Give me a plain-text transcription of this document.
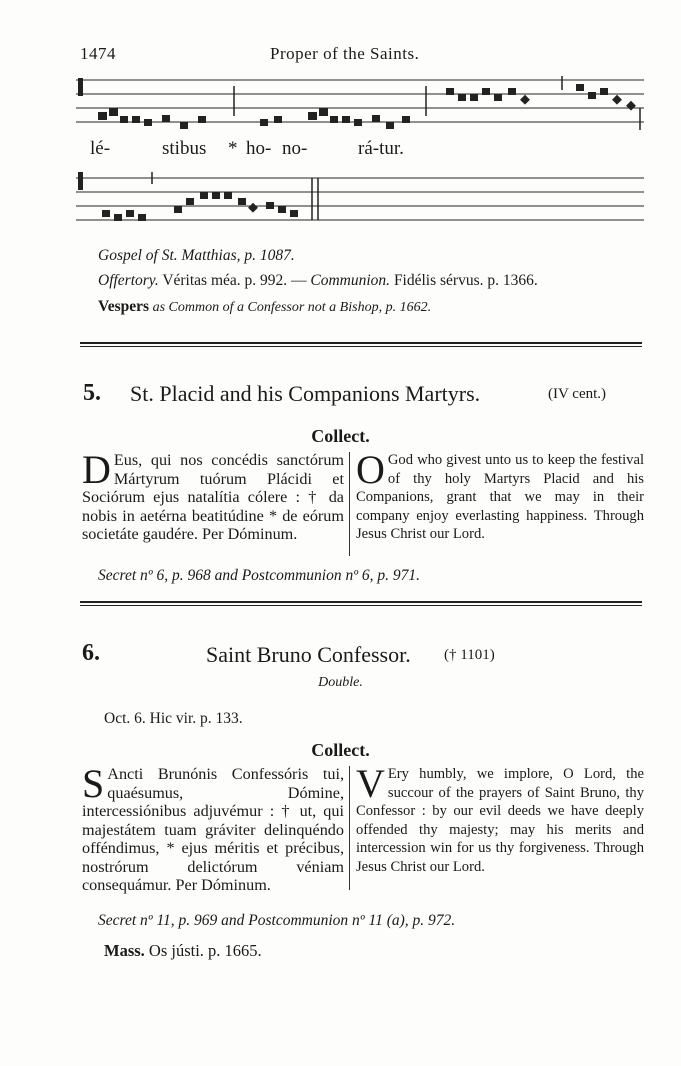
1474	Proper of the Saints.
lé-	stibus * ho- no-	rá-tur.
Gospel of St. Matthias, p. 1087.
Offertory. Véritas méa. p. 992. — Communion. Fidélis sérvus. p. 1366.
Vespers as Common of a Confessor not a Bishop, p. 1662.
5. St. Placid and his Companions Martyrs.	(IV cent.)
Collect.
D Eus, qui nos concédis sanctórum Mártyrum tuórum Plácidi et Sociórum ejus natalítia cólere : † da nobis in aetérna beatitúdine * de eórum societáte gaudére. Per Dóminum.
O God who givest unto us to keep the festival of thy holy Martyrs Placid and his Companions, grant that we may in their company enjoy everlasting happiness. Through Jesus Christ our Lord.
Secret nº 6, p. 968 and Postcommunion nº 6, p. 971.
6.	Saint Bruno Confessor. († 1101)
Double.
Oct. 6. Hic vir. p. 133.
Collect.
S Ancti Brunónis Confessóris tui, quaésumus, Dómine, intercessiónibus adjuvémur : † ut, qui majestátem tuam gráviter delinquéndo offéndimus, * ejus méritis et précibus, nostrórum delictórum véniam consequámur. Per Dóminum.
V Ery humbly, we implore, O Lord, the succour of the prayers of Saint Bruno, thy Confessor : by our evil deeds we have deeply offended thy majesty; may his merits and intercession win for us thy forgiveness. Through Jesus Christ our Lord.
Secret nº 11, p. 969 and Postcommunion nº 11 (a), p. 972.
Mass. Os jústi. p. 1665.
